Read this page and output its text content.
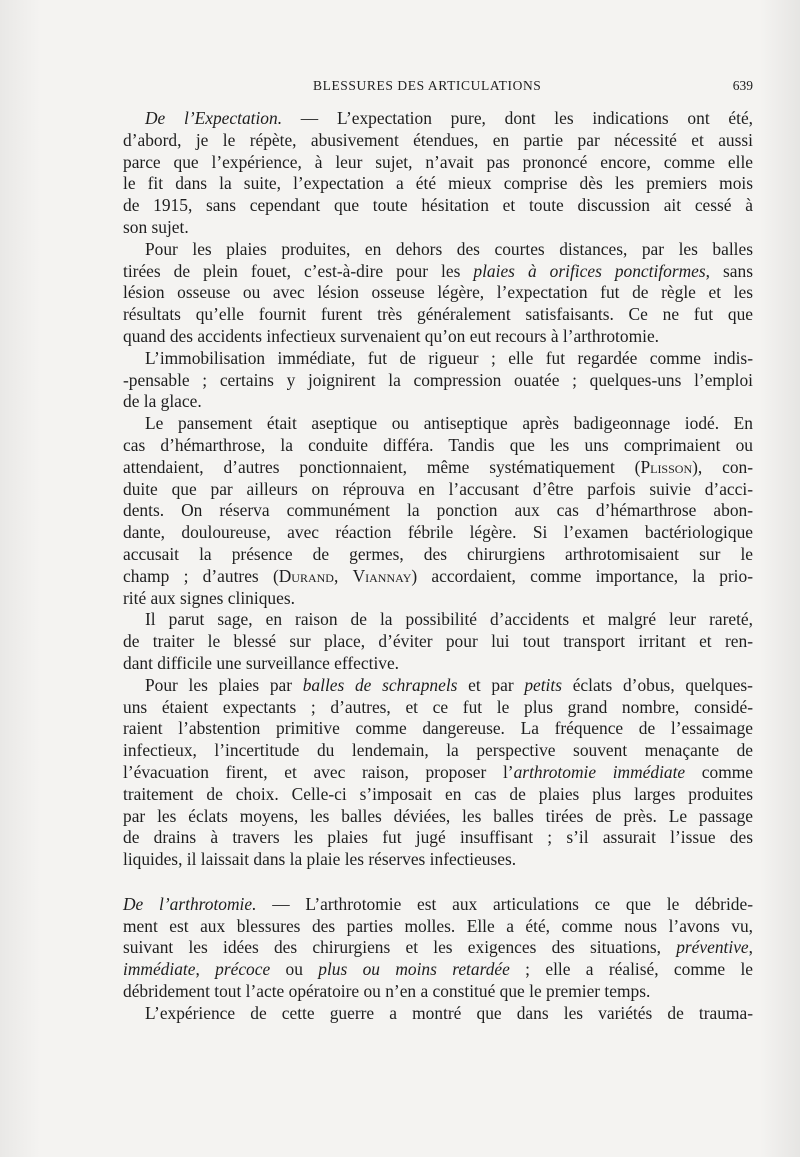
BLESSURES DES ARTICULATIONS	639
De l’Expectation. — L’expectation pure, dont les indications ont été,
d’abord, je le répète, abusivement étendues, en partie par nécessité et aussi
parce que l’expérience, à leur sujet, n’avait pas prononcé encore, comme elle
le fit dans la suite, l’expectation a été mieux comprise dès les premiers mois
de 1915, sans cependant que toute hésitation et toute discussion ait cessé à
son sujet.
Pour les plaies produites, en dehors des courtes distances, par les balles
tirées de plein fouet, c’est-à-dire pour les plaies à orifices ponctiformes, sans
lésion osseuse ou avec lésion osseuse légère, l’expectation fut de règle et les
résultats qu’elle fournit furent très généralement satisfaisants. Ce ne fut que
quand des accidents infectieux survenaient qu’on eut recours à l’arthrotomie.
L’immobilisation immédiate, fut de rigueur ; elle fut regardée comme indis-
-pensable ; certains y joignirent la compression ouatée ; quelques-uns l’emploi
de la glace.
Le pansement était aseptique ou antiseptique après badigeonnage iodé. En
cas d’hémarthrose, la conduite différa. Tandis que les uns comprimaient ou
attendaient, d’autres ponctionnaient, même systématiquement (Plisson), con-
duite que par ailleurs on réprouva en l’accusant d’être parfois suivie d’acci-
dents. On réserva communément la ponction aux cas d’hémarthrose abon-
dante, douloureuse, avec réaction fébrile légère. Si l’examen bactériologique
accusait la présence de germes, des chirurgiens arthrotomisaient sur le
champ ; d’autres (Durand, Viannay) accordaient, comme importance, la prio-
rité aux signes cliniques.
Il parut sage, en raison de la possibilité d’accidents et malgré leur rareté,
de traiter le blessé sur place, d’éviter pour lui tout transport irritant et ren-
dant difficile une surveillance effective.
Pour les plaies par balles de schrapnels et par petits éclats d’obus, quelques-
uns étaient expectants ; d’autres, et ce fut le plus grand nombre, considé-
raient l’abstention primitive comme dangereuse. La fréquence de l’essaimage
infectieux, l’incertitude du lendemain, la perspective souvent menaçante de
l’évacuation firent, et avec raison, proposer l’arthrotomie immédiate comme
traitement de choix. Celle-ci s’imposait en cas de plaies plus larges produites
par les éclats moyens, les balles déviées, les balles tirées de près. Le passage
de drains à travers les plaies fut jugé insuffisant ; s’il assurait l’issue des
liquides, il laissait dans la plaie les réserves infectieuses.
De l’arthrotomie. — L’arthrotomie est aux articulations ce que le débride-
ment est aux blessures des parties molles. Elle a été, comme nous l’avons vu,
suivant les idées des chirurgiens et les exigences des situations, préventive,
immédiate, précoce ou plus ou moins retardée ; elle a réalisé, comme le
débridement tout l’acte opératoire ou n’en a constitué que le premier temps.
L’expérience de cette guerre a montré que dans les variétés de trauma-
